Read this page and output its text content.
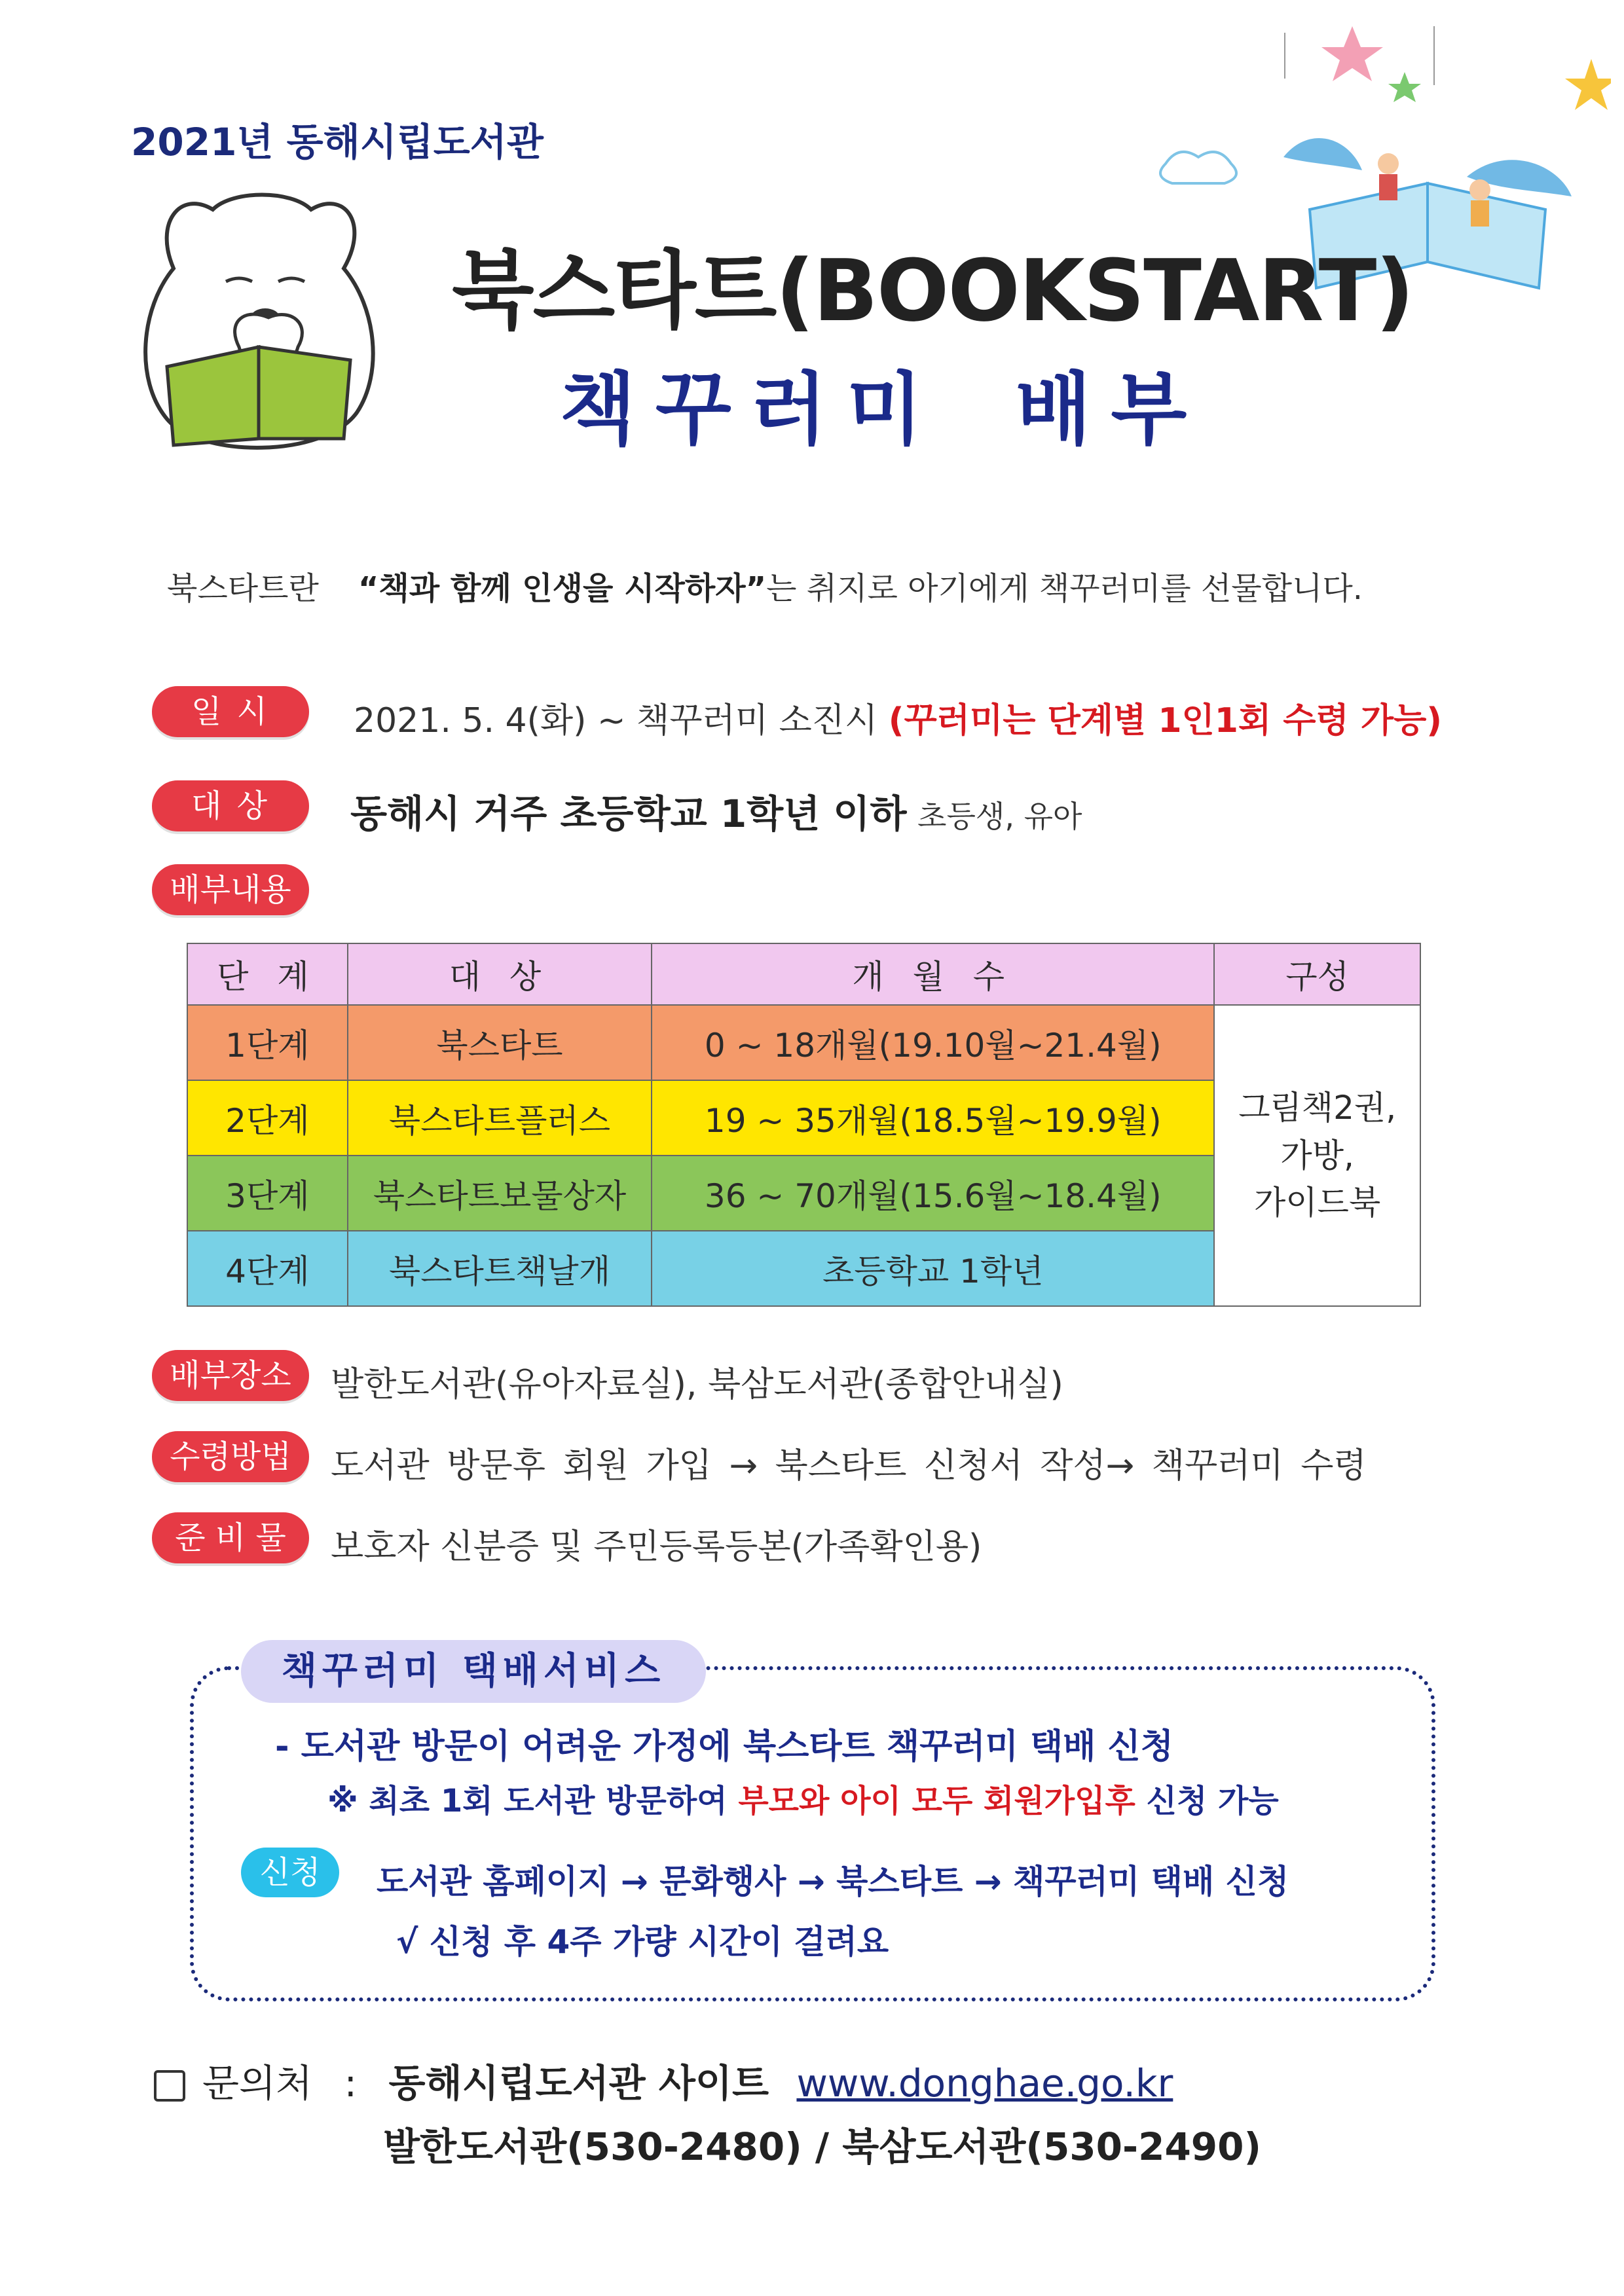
2021년 동해시립도서관
북스타트(BOOKSTART)
책꾸러미 배부
북스타트란 “책과 함께 인생을 시작하자”는 취지로 아기에게 책꾸러미를 선물합니다.
일 시	2021. 5. 4(화) ~ 책꾸러미 소진시 (꾸러미는 단계별 1인1회 수령 가능)
대 상	동해시 거주 초등학교 1학년 이하 초등생, 유아
배부내용
단 계	대 상	개 월 수	구성
1단계	북스타트	0 ~ 18개월(19.10월~21.4월)	그림책2권,
가방,
가이드북

2단계	북스타트플러스	19 ~ 35개월(18.5월~19.9월)	
3단계	북스타트보물상자	36 ~ 70개월(15.6월~18.4월)	
4단계	북스타트책날개	초등학교 1학년	
배부장소	발한도서관(유아자료실), 북삼도서관(종합안내실)
수령방법	도서관 방문후 회원 가입 → 북스타트 신청서 작성→ 책꾸러미 수령
준 비 물	보호자 신분증 및 주민등록등본(가족확인용)
책꾸러미 택배서비스
- 도서관 방문이 어려운 가정에 북스타트 책꾸러미 택배 신청
※ 최초 1회 도서관 방문하여 부모와 아이 모두 회원가입후 신청 가능
신청	도서관 홈페이지 → 문화행사 → 북스타트 → 책꾸러미 택배 신청
√ 신청 후 4주 가량 시간이 걸려요
문의처 : 동해시립도서관 사이트 www.donghae.go.kr
발한도서관(530-2480) / 북삼도서관(530-2490)
